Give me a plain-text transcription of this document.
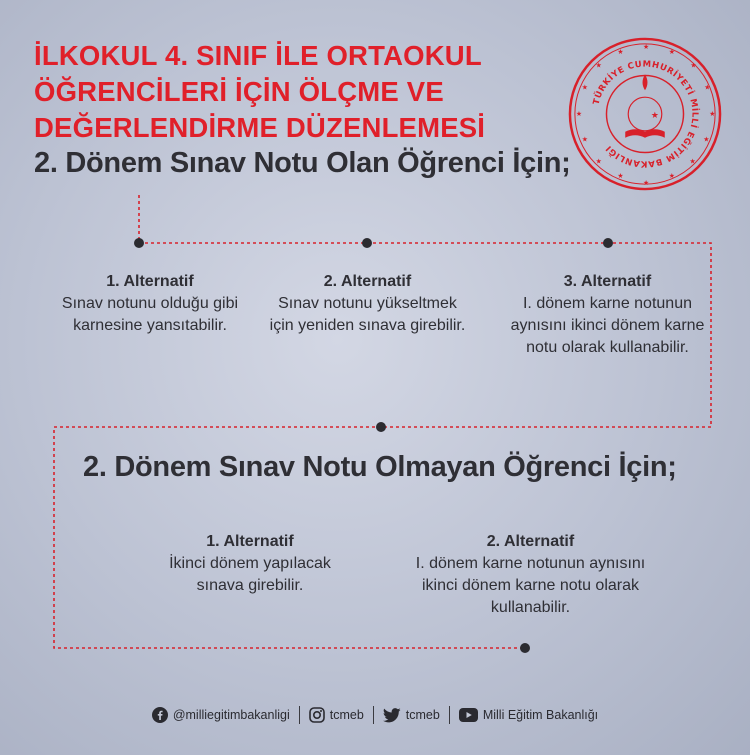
İLKOKUL 4. SINIF İLE ORTAOKUL
ÖĞRENCİLERİ İÇİN ÖLÇME VE
DEĞERLENDİRME DÜZENLEMESİ
★
★
★
★
★
★
★
★
★
★
★
★
★
★
★
★
TÜRKİYE CUMHURİYETİ MİLLİ EĞİTİM BAKANLIĞI
★
2. Dönem Sınav Notu Olan Öğrenci İçin;
1. Alternatif
Sınav notunu olduğu gibi karnesine yansıtabilir.
2. Alternatif
Sınav notunu yükseltmek için yeniden sınava girebilir.
3. Alternatif
I. dönem karne notunun aynısını ikinci dönem karne notu olarak kullanabilir.
2. Dönem Sınav Notu Olmayan Öğrenci İçin;
1. Alternatif
İkinci dönem yapılacak sınava girebilir.
2. Alternatif
I. dönem karne notunun aynısını ikinci dönem karne notu olarak kullanabilir.
@milliegitimbakanligi	tcmeb	tcmeb	Milli Eğitim Bakanlığı
